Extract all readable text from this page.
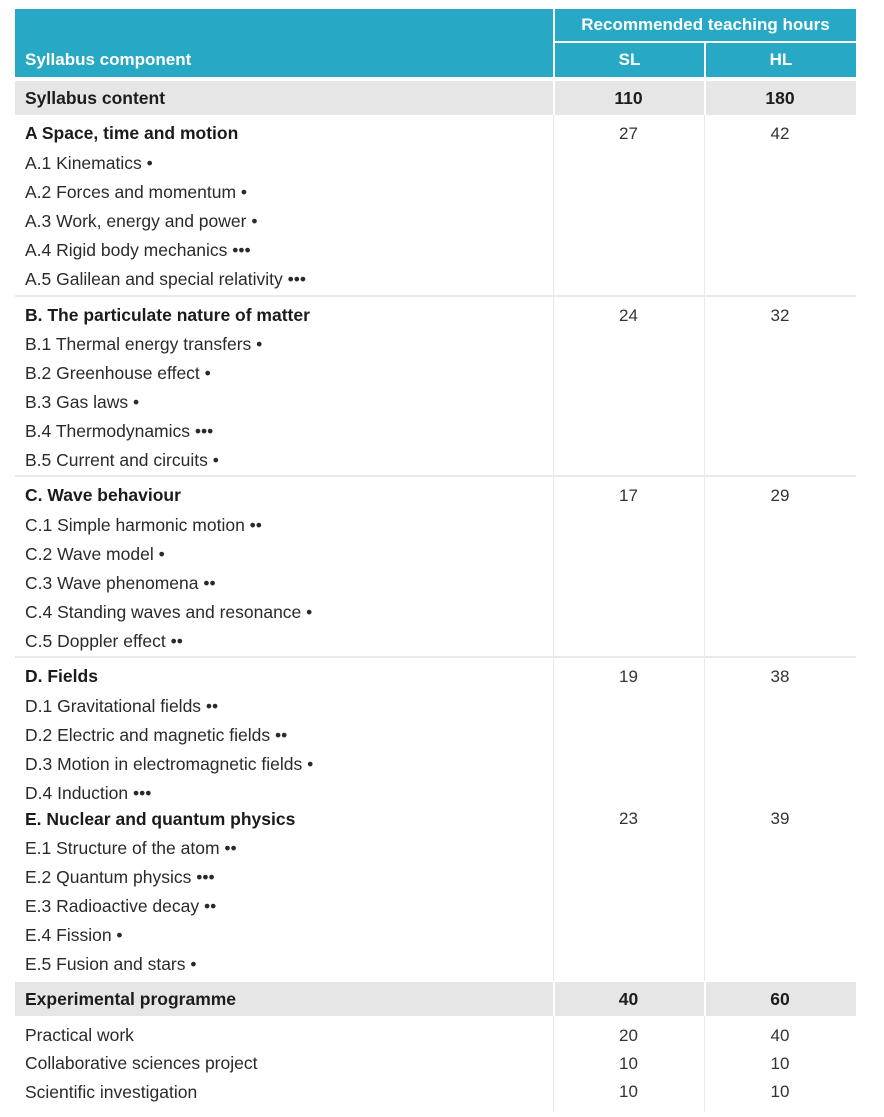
Recommended teaching hours
Syllabus component	SL	HL
Syllabus content	110	180
A Space, time and motion	27	42
A.1 Kinematics •
A.2 Forces and momentum •
A.3 Work, energy and power •
A.4 Rigid body mechanics •••
A.5 Galilean and special relativity •••
B. The particulate nature of matter	24	32
B.1 Thermal energy transfers •
B.2 Greenhouse effect •
B.3 Gas laws •
B.4 Thermodynamics •••
B.5 Current and circuits •
C. Wave behaviour	17	29
C.1 Simple harmonic motion ••
C.2 Wave model •
C.3 Wave phenomena ••
C.4 Standing waves and resonance •
C.5 Doppler effect ••
D. Fields	19	38
D.1 Gravitational fields ••
D.2 Electric and magnetic fields ••
D.3 Motion in electromagnetic fields •
D.4 Induction •••
E. Nuclear and quantum physics	23	39
E.1 Structure of the atom ••
E.2 Quantum physics •••
E.3 Radioactive decay ••
E.4 Fission •
E.5 Fusion and stars •
Experimental programme	40	60
Practical work	20	40
Collaborative sciences project	10	10
Scientific investigation	10	10
